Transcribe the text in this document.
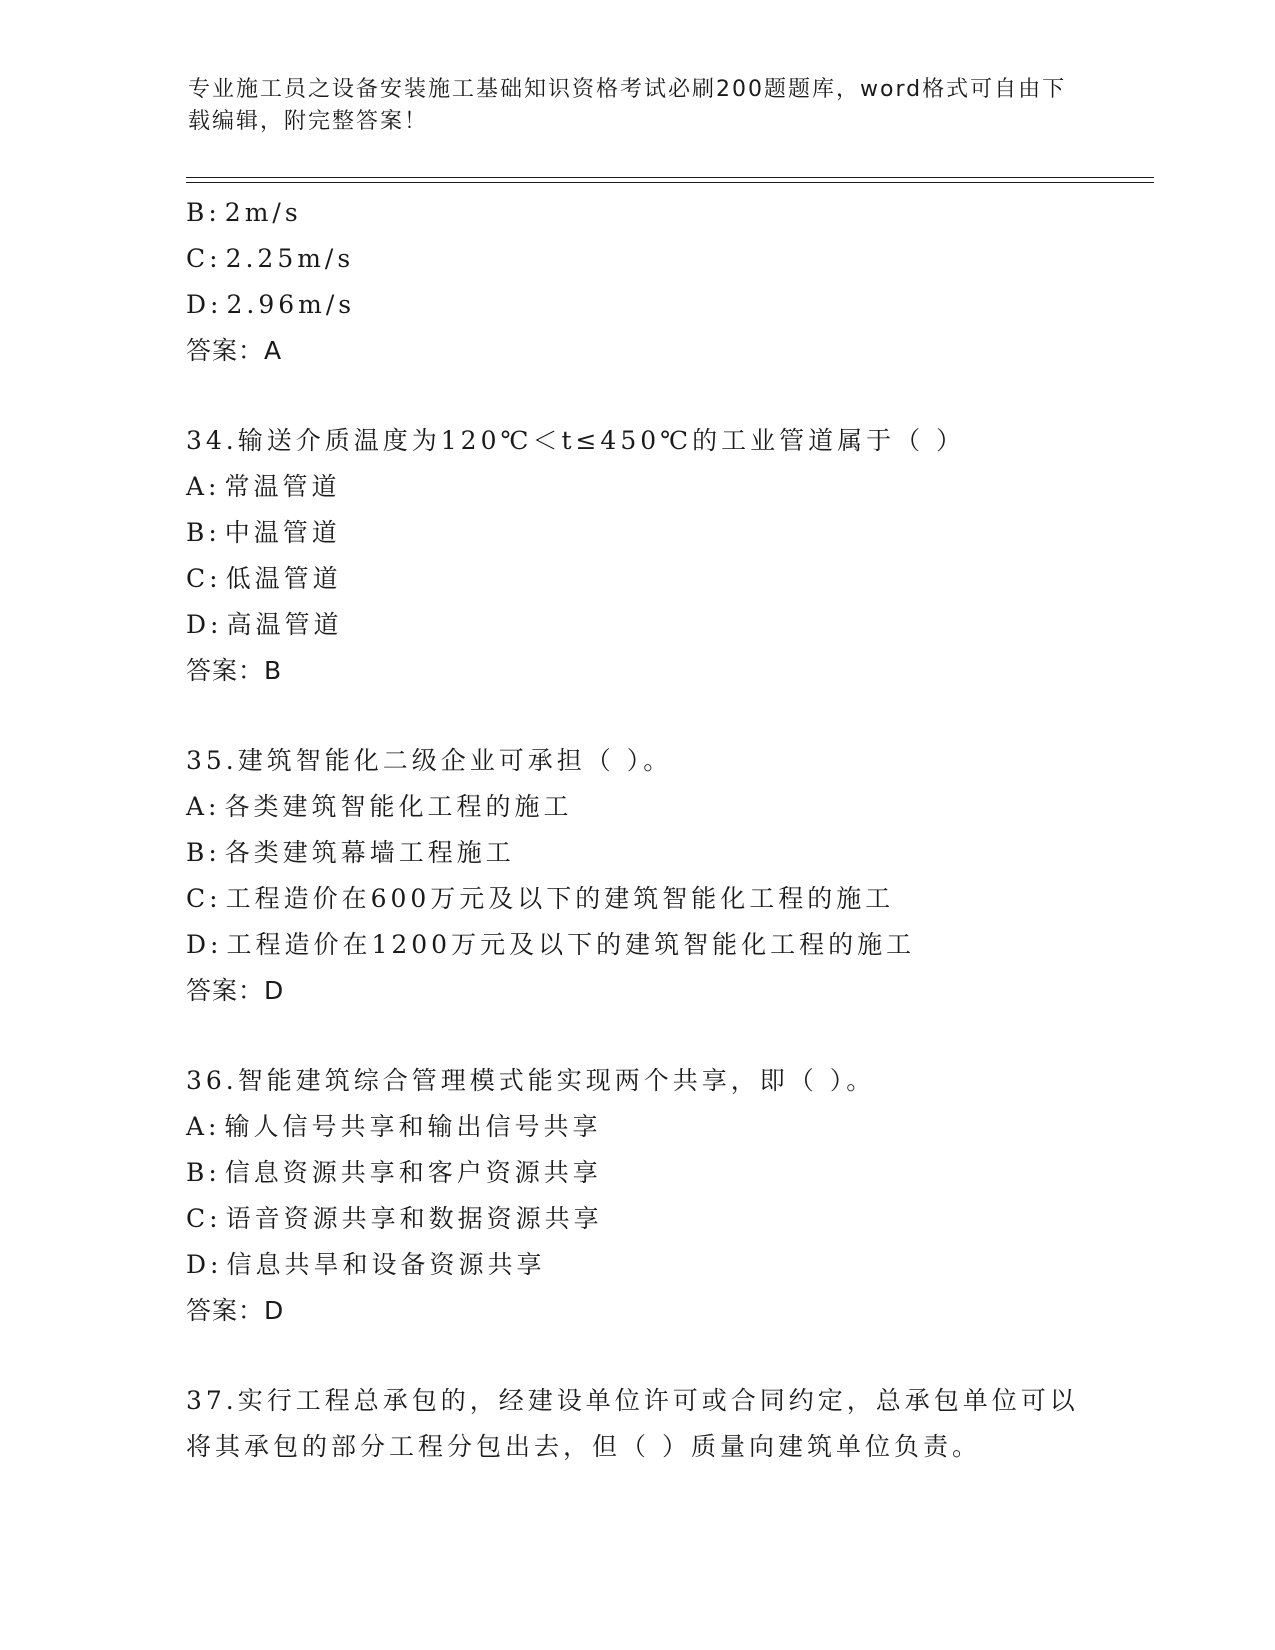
专业施工员之设备安装施工基础知识资格考试必刷200题题库，word格式可自由下载编辑，附完整答案！
B: 2m/s
C: 2.25m/s
D: 2.96m/s
答案：A
34.输送介质温度为120℃＜t≤450℃的工业管道属于（ ）
A: 常温管道
B: 中温管道
C: 低温管道
D: 高温管道
答案：B
35.建筑智能化二级企业可承担（ ）。
A: 各类建筑智能化工程的施工
B: 各类建筑幕墙工程施工
C: 工程造价在600万元及以下的建筑智能化工程的施工
D: 工程造价在1200万元及以下的建筑智能化工程的施工
答案：D
36.智能建筑综合管理模式能实现两个共享，即（ ）。
A: 输人信号共享和输出信号共享
B: 信息资源共享和客户资源共享
C: 语音资源共享和数据资源共享
D: 信息共旱和设备资源共享
答案：D
37.实行工程总承包的，经建设单位许可或合同约定，总承包单位可以
将其承包的部分工程分包出去，但（ ）质量向建筑单位负责。
